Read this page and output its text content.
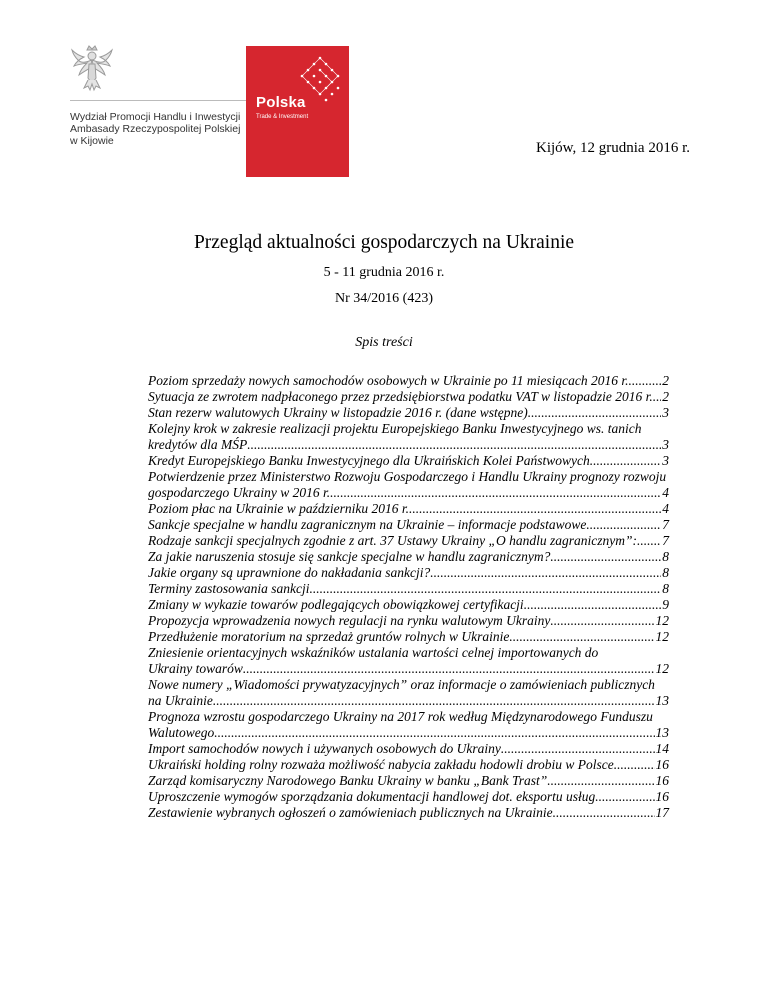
Polska
Trade & Investment
Wydział Promocji Handlu i Inwestycji
Ambasady Rzeczypospolitej Polskiej
w Kijowie	Kijów, 12 grudnia 2016 r.
Przegląd aktualności gospodarczych na Ukrainie
5 - 11 grudnia 2016 r.
Nr 34/2016 (423)
Spis treści
Poziom sprzedaży nowych samochodów osobowych w Ukrainie po 11 miesiącach 2016 r. .....	2
Sytuacja ze zwrotem nadpłaconego przez przedsiębiorstwa podatku VAT w listopadzie 2016 r. ..... 2
Stan rezerw walutowych Ukrainy w listopadzie 2016 r. (dane wstępne) .....	3
Kolejny krok w zakresie realizacji projektu Europejskiego Banku Inwestycyjnego ws. tanich
kredytów dla MŚP .....	3
Kredyt Europejskiego Banku Inwestycyjnego dla Ukraińskich Kolei Państwowych .....	3
Potwierdzenie przez Ministerstwo Rozwoju Gospodarczego i Handlu Ukrainy prognozy rozwoju
gospodarczego Ukrainy w 2016 r. .....	4
Poziom płac na Ukrainie w październiku 2016 r. .....	4
Sankcje specjalne w handlu zagranicznym na Ukrainie – informacje podstawowe .....	7
Rodzaje sankcji specjalnych zgodnie z art. 37 Ustawy Ukrainy „O handlu zagranicznym”: ..... 7
Za jakie naruszenia stosuje się sankcje specjalne w handlu zagranicznym? .....	8
Jakie organy są uprawnione do nakładania sankcji? .....	8
Terminy zastosowania sankcji .....	8
Zmiany w wykazie towarów podlegających obowiązkowej certyfikacji .....	9
Propozycja wprowadzenia nowych regulacji na rynku walutowym Ukrainy .....	12
Przedłużenie moratorium na sprzedaż gruntów rolnych w Ukrainie .....	12
Zniesienie orientacyjnych wskaźników ustalania wartości celnej importowanych do
Ukrainy towarów .....	12
Nowe numery „Wiadomości prywatyzacyjnych” oraz informacje o zamówieniach publicznych
na Ukrainie .....	13
Prognoza wzrostu gospodarczego Ukrainy na 2017 rok według Międzynarodowego Funduszu
Walutowego .....	13
Import samochodów nowych i używanych osobowych do Ukrainy .....	14
Ukraiński holding rolny rozważa możliwość nabycia zakładu hodowli drobiu w Polsce .....	16
Zarząd komisaryczny Narodowego Banku Ukrainy w banku „Bank Trast” .....	16
Uproszczenie wymogów sporządzania dokumentacji handlowej dot. eksportu usług .....	16
Zestawienie wybranych ogłoszeń o zamówieniach publicznych na Ukrainie .....	17
